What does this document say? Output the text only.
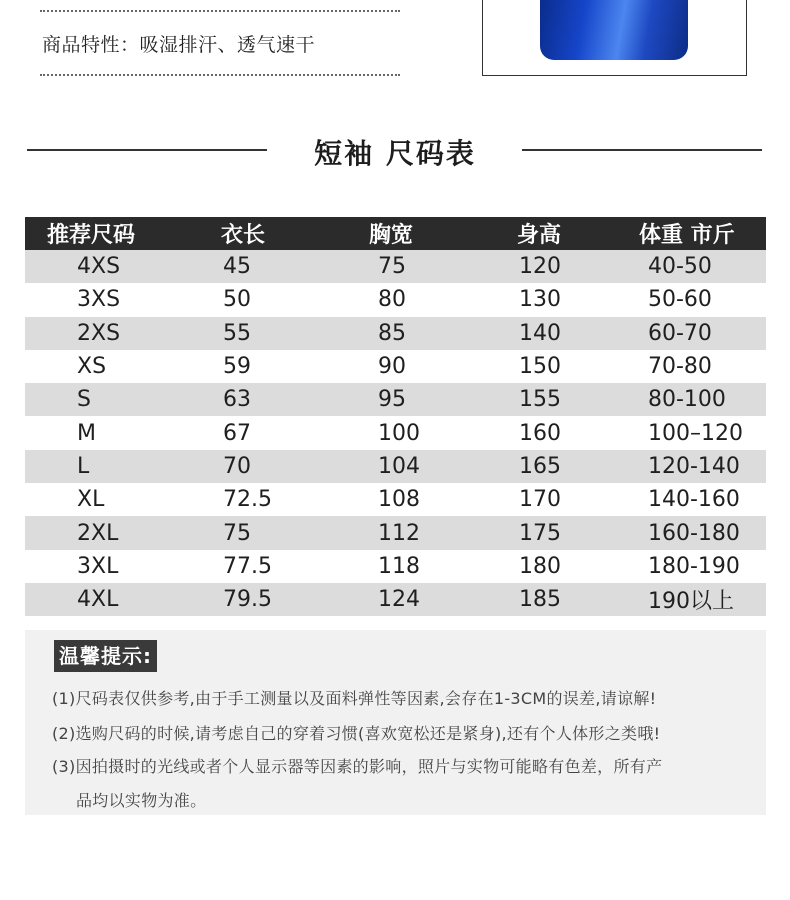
商品特性：吸湿排汗、透气速干
短袖 尺码表
推荐尺码	衣长	胸宽	身高	体重 市斤
4XS	45	75	120	40-50
3XS	50	80	130	50-60
2XS	55	85	140	60-70
XS	59	90	150	70-80
S	63	95	155	80-100
M	67	100	160	100–120
L	70	104	165	120-140
XL	72.5	108	170	140-160
2XL	75	112	175	160-180
3XL	77.5	118	180	180-190
4XL	79.5	124	185	190以上
温馨提示:
(1)尺码表仅供参考,由于手工测量以及面料弹性等因素,会存在1-3CM的误差,请谅解!
(2)选购尺码的时候,请考虑自己的穿着习惯(喜欢宽松还是紧身),还有个人体形之类哦!
(3)因拍摄时的光线或者个人显示器等因素的影响，照片与实物可能略有色差，所有产
品均以实物为准。
